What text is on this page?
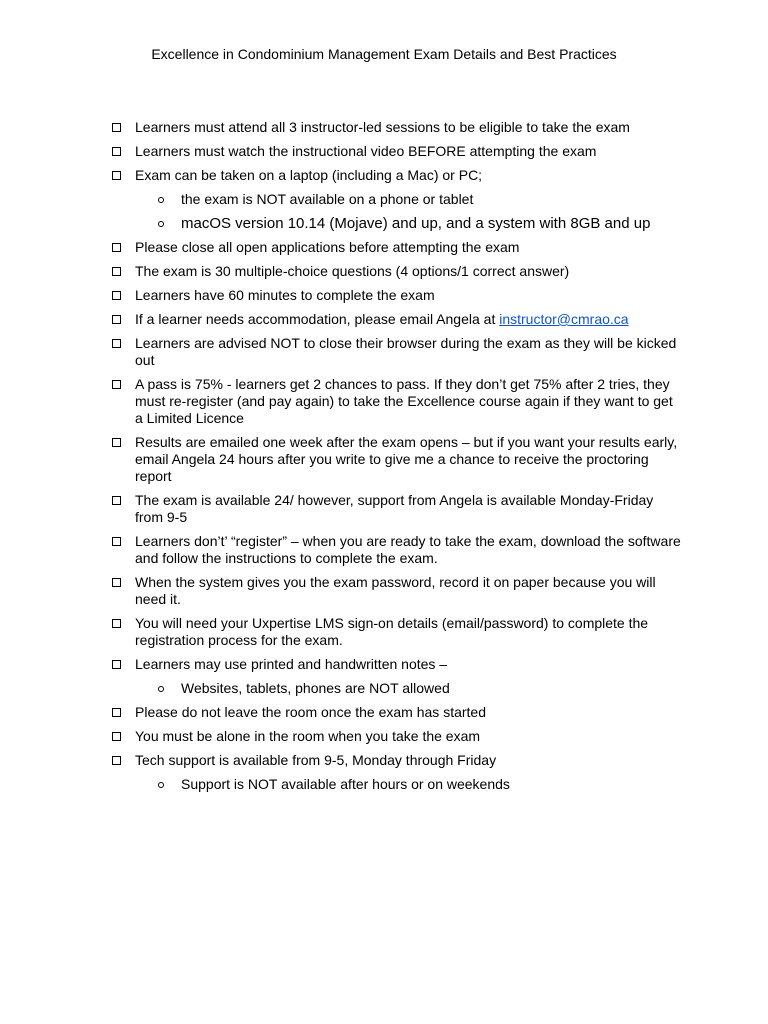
Excellence in Condominium Management Exam Details and Best Practices
Learners must attend all 3 instructor-led sessions to be eligible to take the exam
Learners must watch the instructional video BEFORE attempting the exam
Exam can be taken on a laptop (including a Mac) or PC;
the exam is NOT available on a phone or tablet
macOS version 10.14 (Mojave) and up, and a system with 8GB and up
Please close all open applications before attempting the exam
The exam is 30 multiple-choice questions (4 options/1 correct answer)
Learners have 60 minutes to complete the exam
If a learner needs accommodation, please email Angela at instructor@cmrao.ca
Learners are advised NOT to close their browser during the exam as they will be kicked out
A pass is 75% - learners get 2 chances to pass. If they don’t get 75% after 2 tries, they must re-register (and pay again) to take the Excellence course again if they want to get a Limited Licence
Results are emailed one week after the exam opens – but if you want your results early, email Angela 24 hours after you write to give me a chance to receive the proctoring report
The exam is available 24/ however, support from Angela is available Monday-Friday from 9-5
Learners don’t’ “register” – when you are ready to take the exam, download the software and follow the instructions to complete the exam.
When the system gives you the exam password, record it on paper because you will need it.
You will need your Uxpertise LMS sign-on details (email/password) to complete the registration process for the exam.
Learners may use printed and handwritten notes –
Websites, tablets, phones are NOT allowed
Please do not leave the room once the exam has started
You must be alone in the room when you take the exam
Tech support is available from 9-5, Monday through Friday
Support is NOT available after hours or on weekends
